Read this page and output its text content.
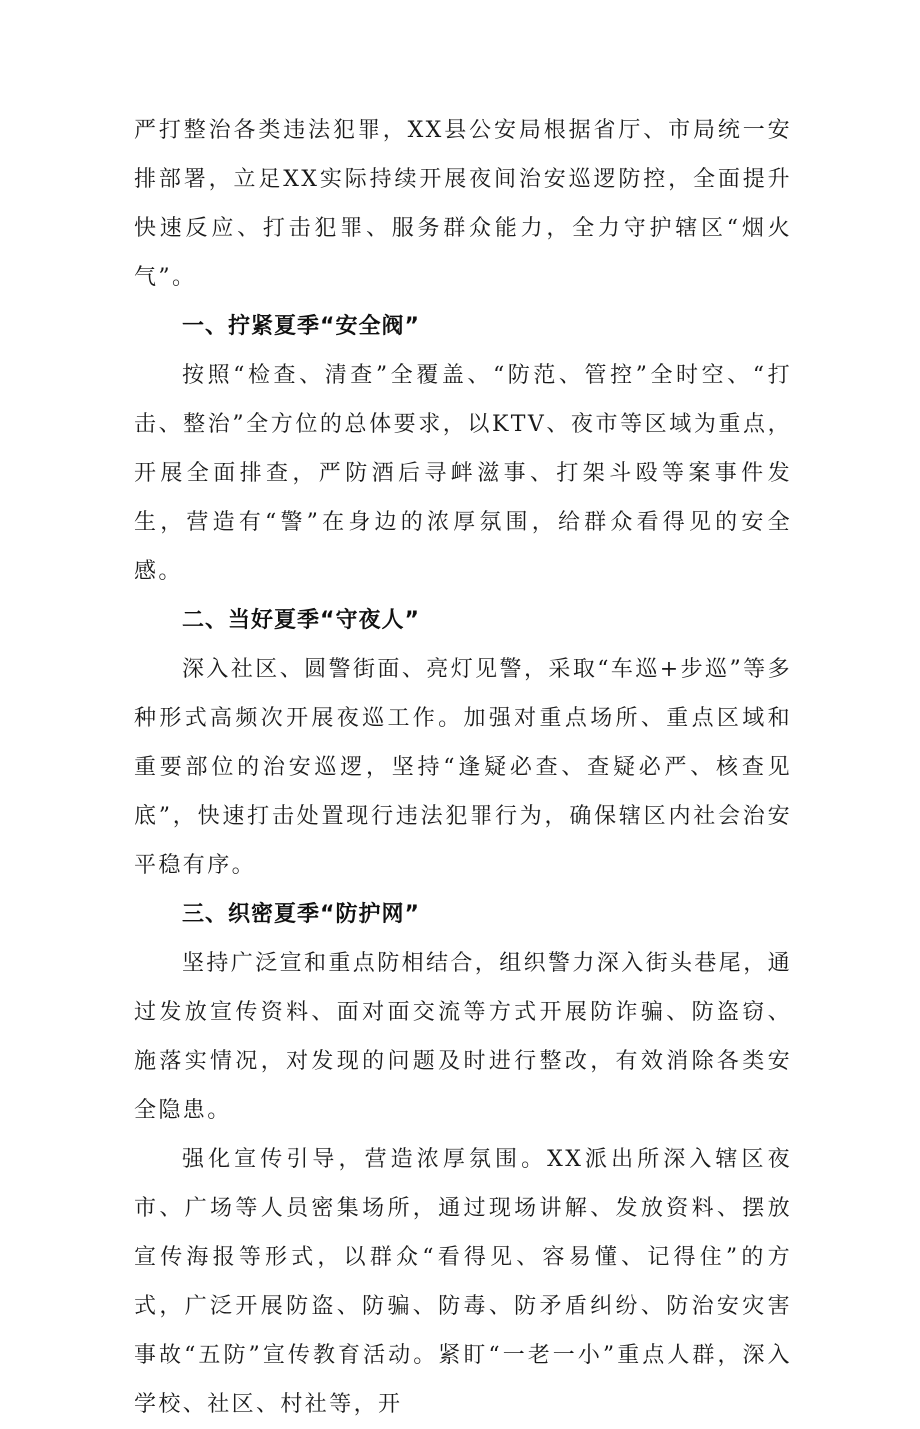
严打整治各类违法犯罪，XX县公安局根据省厅、市局统一安排部署，立足XX实际持续开展夜间治安巡逻防控，全面提升快速反应、打击犯罪、服务群众能力，全力守护辖区“烟火气”。

一、拧紧夏季“安全阀”

按照“检查、清查”全覆盖、“防范、管控”全时空、“打击、整治”全方位的总体要求，以KTV、夜市等区域为重点，开展全面排查，严防酒后寻衅滋事、打架斗殴等案事件发生，营造有“警”在身边的浓厚氛围，给群众看得见的安全感。

二、当好夏季“守夜人”

深入社区、圆警街面、亮灯见警，采取“车巡+步巡”等多种形式高频次开展夜巡工作。加强对重点场所、重点区域和重要部位的治安巡逻，坚持“逢疑必查、查疑必严、核查见底”，快速打击处置现行违法犯罪行为，确保辖区内社会治安平稳有序。

三、织密夏季“防护网”

坚持广泛宣和重点防相结合，组织警力深入街头巷尾，通过发放宣传资料、面对面交流等方式开展防诈骗、防盗窃、施落实情况，对发现的问题及时进行整改，有效消除各类安全隐患。

强化宣传引导，营造浓厚氛围。XX派出所深入辖区夜市、广场等人员密集场所，通过现场讲解、发放资料、摆放宣传海报等形式，以群众“看得见、容易懂、记得住”的方式，广泛开展防盗、防骗、防毒、防矛盾纠纷、防治安灾害事故“五防”宣传教育活动。紧盯“一老一小”重点人群，深入学校、社区、村社等，开
